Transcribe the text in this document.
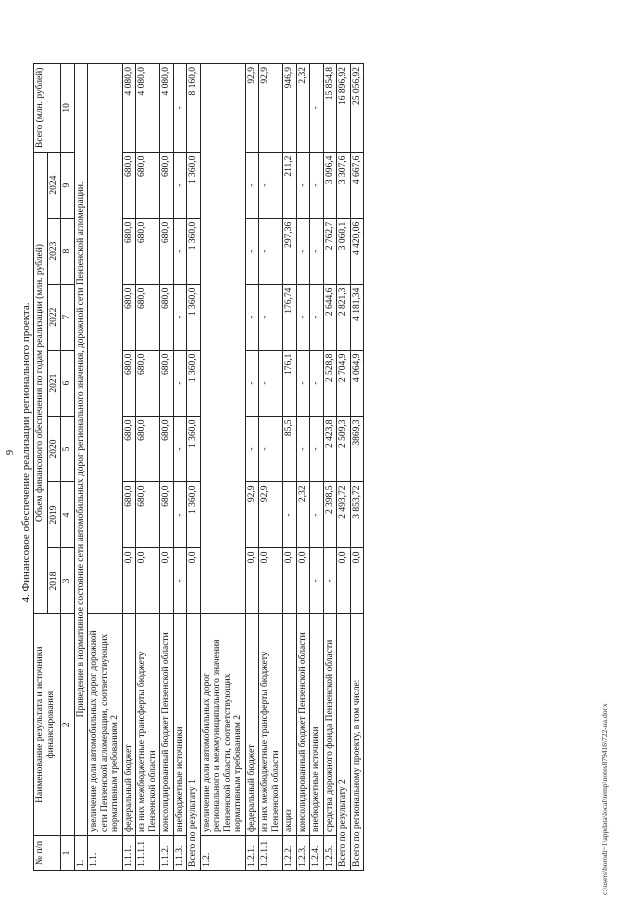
9 4. Финансовое обеспечение реализации регионального проекта.
№ п/п	Наименование результата и источники финансирования	Объем финансового обеспечения по годам реализации (млн. рублей)							Всего (млн. рублей)
		2018	2019	2020	2021	2022	2023	2024	
1	2	3	4	5	6	7	8	9	10
1.	Приведение в нормативное состояние сети автомобильных дорог регионального значения, дорожной сети Пензенской агломерации.								
1.1.	увеличение доли автомобильных дорог дорожной сети Пензенской агломерации, соответствующих нормативным требованиям 2								
1.1.1.	федеральный бюджет	0,0	680,0	680,0	680,0	680,0	680,0	680,0	4 080,0
1.1.1.1	из них межбюджетные трансферты бюджету Пензенской области	0,0	680,0	680,0	680,0	680,0	680,0	680,0	4 080,0
1.1.2.	консолидированный бюджет Пензенской области	0,0	680,0	680,0	680,0	680,0	680,0	680,0	4 080,0
1.1.3.	внебюджетные источники	-	-	-	-	-	-	-	-
Всего по результату 1		0,0	1 360,0	1 360,0	1 360,0	1 360,0	1 360,0	1 360,0	8 160,0
1.2.	увеличение доли автомобильных дорог регионального и межмуниципального значения Пензенской области, соответствующих нормативным требованиям 2								
1.2.1.	федеральный бюджет	0,0	92,9	-	-	-	-	-	92,9
1.2.1.1	из них межбюджетные трансферты бюджету Пензенской области	0,0	92,9	-	-	-	-	-	92,9
1.2.2.	акциз	0,0	-	85,5	176,1	176,74	297,36	211,2	946,9
1.2.3.	консолидированный бюджет Пензенской области	0,0	2,32	-	-	-	-	-	2,32
1.2.4.	внебюджетные источники	-	-	-	-	-	-	-	-
1.2.5.	средства дорожного фонда Пензенской области	-	2 398,5	2 423,8	2 528,8	2 644,6	2 762,7	3 096,4	15 854,8
Всего по результату 2		0,0	2 493,72	2 509,3	2 704,9	2 821,3	3 060,1	3 307,6	16 896,92
Всего по региональному проекту, в том числе:		0,0	3 853,72	3869,3	4 064,9	4 181,34	4 420,06	4 667,6	25 056,92
c:\users\borodi~1\appdata\local\temp\notes879416\722-на.docx
